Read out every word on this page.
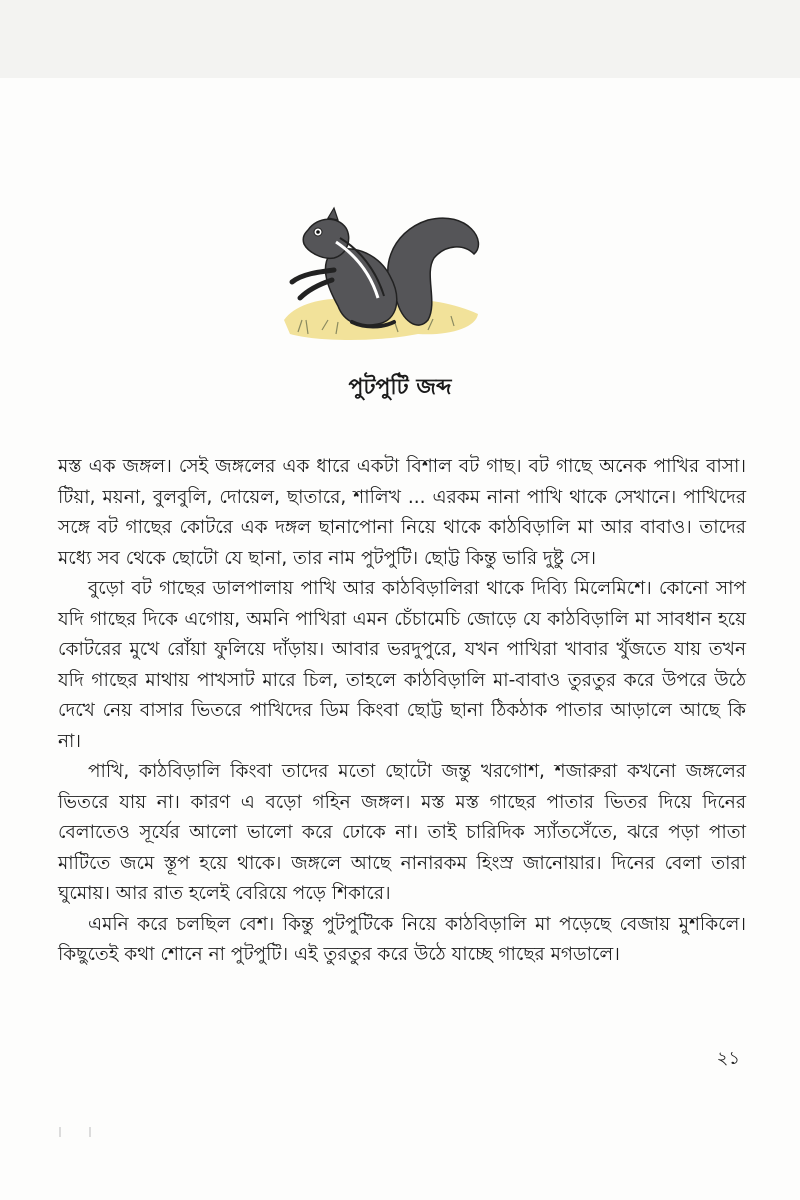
পুটপুটি জব্দ

মস্ত এক জঙ্গল। সেই জঙ্গলের এক ধারে একটা বিশাল বট গাছ। বট গাছে অনেক পাখির বাসা। টিয়া, ময়না, বুলবুলি, দোয়েল, ছাতারে, শালিখ ... এরকম নানা পাখি থাকে সেখানে। পাখিদের সঙ্গে বট গাছের কোটরে এক দঙ্গল ছানাপোনা নিয়ে থাকে কাঠবিড়ালি মা আর বাবাও। তাদের মধ্যে সব থেকে ছোটো যে ছানা, তার নাম পুটপুটি। ছোট্ট কিন্তু ভারি দুষ্টু সে।

বুড়ো বট গাছের ডালপালায় পাখি আর কাঠবিড়ালিরা থাকে দিব্যি মিলেমিশে। কোনো সাপ যদি গাছের দিকে এগোয়, অমনি পাখিরা এমন চেঁচামেচি জোড়ে যে কাঠবিড়ালি মা সাবধান হয়ে কোটরের মুখে রোঁয়া ফুলিয়ে দাঁড়ায়। আবার ভরদুপুরে, যখন পাখিরা খাবার খুঁজতে যায় তখন যদি গাছের মাথায় পাখসাট মারে চিল, তাহলে কাঠবিড়ালি মা-বাবাও তুরতুর করে উপরে উঠে দেখে নেয় বাসার ভিতরে পাখিদের ডিম কিংবা ছোট্ট ছানা ঠিকঠাক পাতার আড়ালে আছে কি না।

পাখি, কাঠবিড়ালি কিংবা তাদের মতো ছোটো জন্তু খরগোশ, শজারুরা কখনো জঙ্গলের ভিতরে যায় না। কারণ এ বড়ো গহিন জঙ্গল। মস্ত মস্ত গাছের পাতার ভিতর দিয়ে দিনের বেলাতেও সূর্যের আলো ভালো করে ঢোকে না। তাই চারিদিক স্যাঁতসেঁতে, ঝরে পড়া পাতা মাটিতে জমে স্তূপ হয়ে থাকে। জঙ্গলে আছে নানারকম হিংস্র জানোয়ার। দিনের বেলা তারা ঘুমোয়। আর রাত হলেই বেরিয়ে পড়ে শিকারে।

এমনি করে চলছিল বেশ। কিন্তু পুটপুটিকে নিয়ে কাঠবিড়ালি মা পড়েছে বেজায় মুশকিলে। কিছুতেই কথা শোনে না পুটপুটি। এই তুরতুর করে উঠে যাচ্ছে গাছের মগডালে।

২১
